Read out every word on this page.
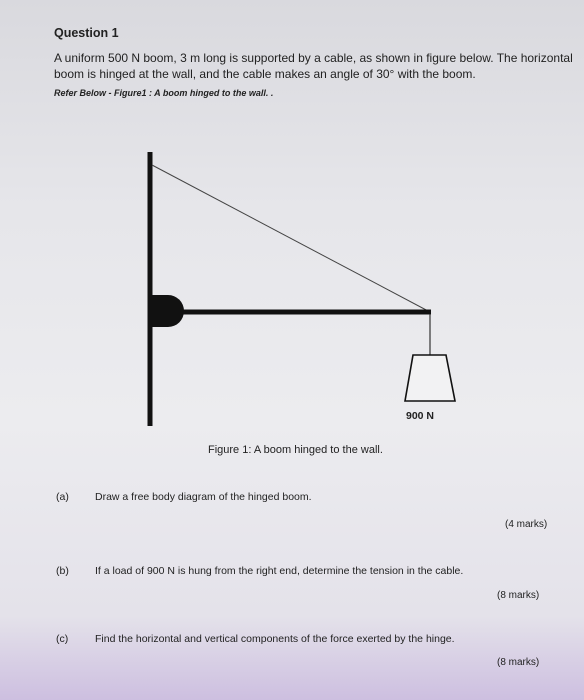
Question 1
A uniform 500 N boom, 3 m long is supported by a cable, as shown in figure below. The horizontal boom is hinged at the wall, and the cable makes an angle of 30° with the boom.
Refer Below - Figure1 : A boom hinged to the wall. .
900 N
Figure 1: A boom hinged to the wall.
(a) Draw a free body diagram of the hinged boom.
(4 marks)
(b) If a load of 900 N is hung from the right end, determine the tension in the cable.
(8 marks)
(c)	Find the horizontal and vertical components of the force exerted by the hinge.
(8 marks)
